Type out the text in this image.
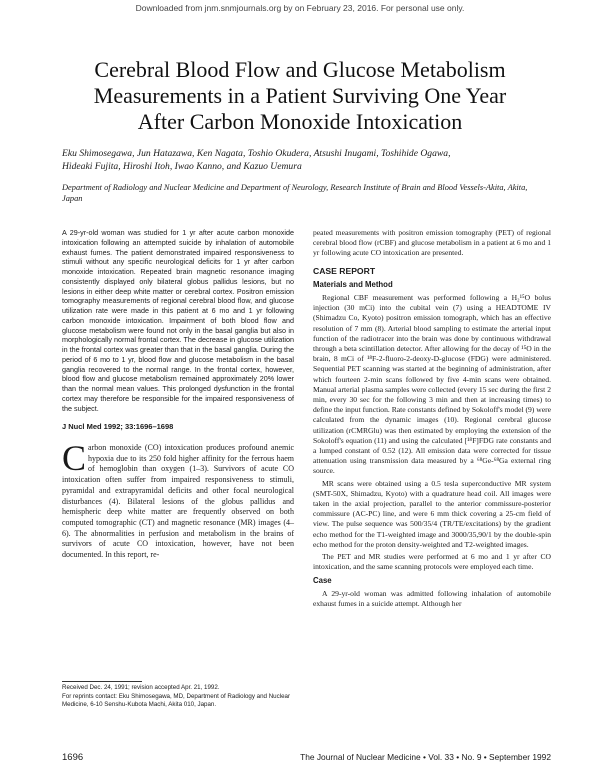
Downloaded from jnm.snmjournals.org by on February 23, 2016. For personal use only.
Cerebral Blood Flow and Glucose Metabolism
Measurements in a Patient Surviving One Year
After Carbon Monoxide Intoxication
Eku Shimosegawa, Jun Hatazawa, Ken Nagata, Toshio Okudera, Atsushi Inugami, Toshihide Ogawa,
Hideaki Fujita, Hiroshi Itoh, Iwao Kanno, and Kazuo Uemura
Department of Radiology and Nuclear Medicine and Department of Neurology, Research Institute of Brain and Blood Vessels-Akita, Akita, Japan
A 29-yr-old woman was studied for 1 yr after acute carbon monoxide intoxication following an attempted suicide by inhalation of automobile exhaust fumes. The patient demonstrated impaired responsiveness to stimuli without any specific neurological deficits for 1 yr after carbon monoxide intoxication. Repeated brain magnetic resonance imaging consistently displayed only bilateral globus pallidus lesions, but no lesions in either deep white matter or cerebral cortex. Positron emission tomography measurements of regional cerebral blood flow, and glucose utilization rate were made in this patient at 6 mo and 1 yr following carbon monoxide intoxication. Impairment of both blood flow and glucose metabolism were found not only in the basal ganglia but also in morphologically normal frontal cortex. The decrease in glucose utilization in the frontal cortex was greater than that in the basal ganglia. During the period of 6 mo to 1 yr, blood flow and glucose metabolism in the basal ganglia recovered to the normal range. In the frontal cortex, however, blood flow and glucose metabolism remained approximately 20% lower than the normal mean values. This prolonged dysfunction in the frontal cortex may therefore be responsible for the impaired responsiveness of the subject.
J Nucl Med 1992; 33:1696–1698
Carbon monoxide (CO) intoxication produces profound anemic hypoxia due to its 250 fold higher affinity for the ferrous haem of hemoglobin than oxygen (1–3). Survivors of acute CO intoxication often suffer from impaired responsiveness to stimuli, pyramidal and extrapyramidal deficits and other focal neurological disturbances (4). Bilateral lesions of the globus pallidus and hemispheric deep white matter are frequently observed on both computed tomographic (CT) and magnetic resonance (MR) images (4–6). The abnormalities in perfusion and metabolism in the brains of survivors of acute CO intoxication, however, have not been documented. In this report, re-
Received Dec. 24, 1991; revision accepted Apr. 21, 1992.
For reprints contact: Eku Shimosegawa, MD, Department of Radiology and Nuclear Medicine, 6-10 Senshu-Kubota Machi, Akita 010, Japan.

peated measurements with positron emission tomography (PET) of regional cerebral blood flow (rCBF) and glucose metabolism in a patient at 6 mo and 1 yr following acute CO intoxication are presented.

CASE REPORT
Materials and Method

Regional CBF measurement was performed following a H₂¹⁵O bolus injection (30 mCi) into the cubital vein (7) using a HEADTOME IV (Shimadzu Co, Kyoto) positron emission tomograph, which has an effective resolution of 7 mm (8). Arterial blood sampling to estimate the arterial input function of the radiotracer into the brain was done by continuous withdrawal through a beta scintillation detector. After allowing for the decay of ¹⁵O in the brain, 8 mCi of ¹⁸F-2-fluoro-2-deoxy-D-glucose (FDG) were administered. Sequential PET scanning was started at the beginning of administration, after which fourteen 2-min scans followed by five 4-min scans were obtained. Manual arterial plasma samples were collected (every 15 sec during the first 2 min, every 30 sec for the following 3 min and then at increasing times) to define the input function. Rate constants defined by Sokoloff's model (9) were calculated from the dynamic images (10). Regional cerebral glucose utilization (rCMRGlu) was then estimated by employing the extension of the Sokoloff's equation (11) and using the calculated [¹⁸F]FDG rate constants and a lumped constant of 0.52 (12). All emission data were corrected for tissue attenuation using transmission data measured by a ⁶⁸Ge-⁶⁸Ga external ring source.

MR scans were obtained using a 0.5 tesla superconductive MR system (SMT-50X, Shimadzu, Kyoto) with a quadrature head coil. All images were taken in the axial projection, parallel to the anterior commissure-posterior commissure (AC-PC) line, and were 6 mm thick covering a 25-cm field of view. The pulse sequence was 500/35/4 (TR/TE/excitations) by the gradient echo method for the T1-weighted image and 3000/35,90/1 by the double-spin echo method for the proton density-weighted and T2-weighted images.

The PET and MR studies were performed at 6 mo and 1 yr after CO intoxication, and the same scanning protocols were employed each time.

Case

A 29-yr-old woman was admitted following inhalation of automobile exhaust fumes in a suicide attempt. Although her

1696	The Journal of Nuclear Medicine • Vol. 33 • No. 9 • September 1992
